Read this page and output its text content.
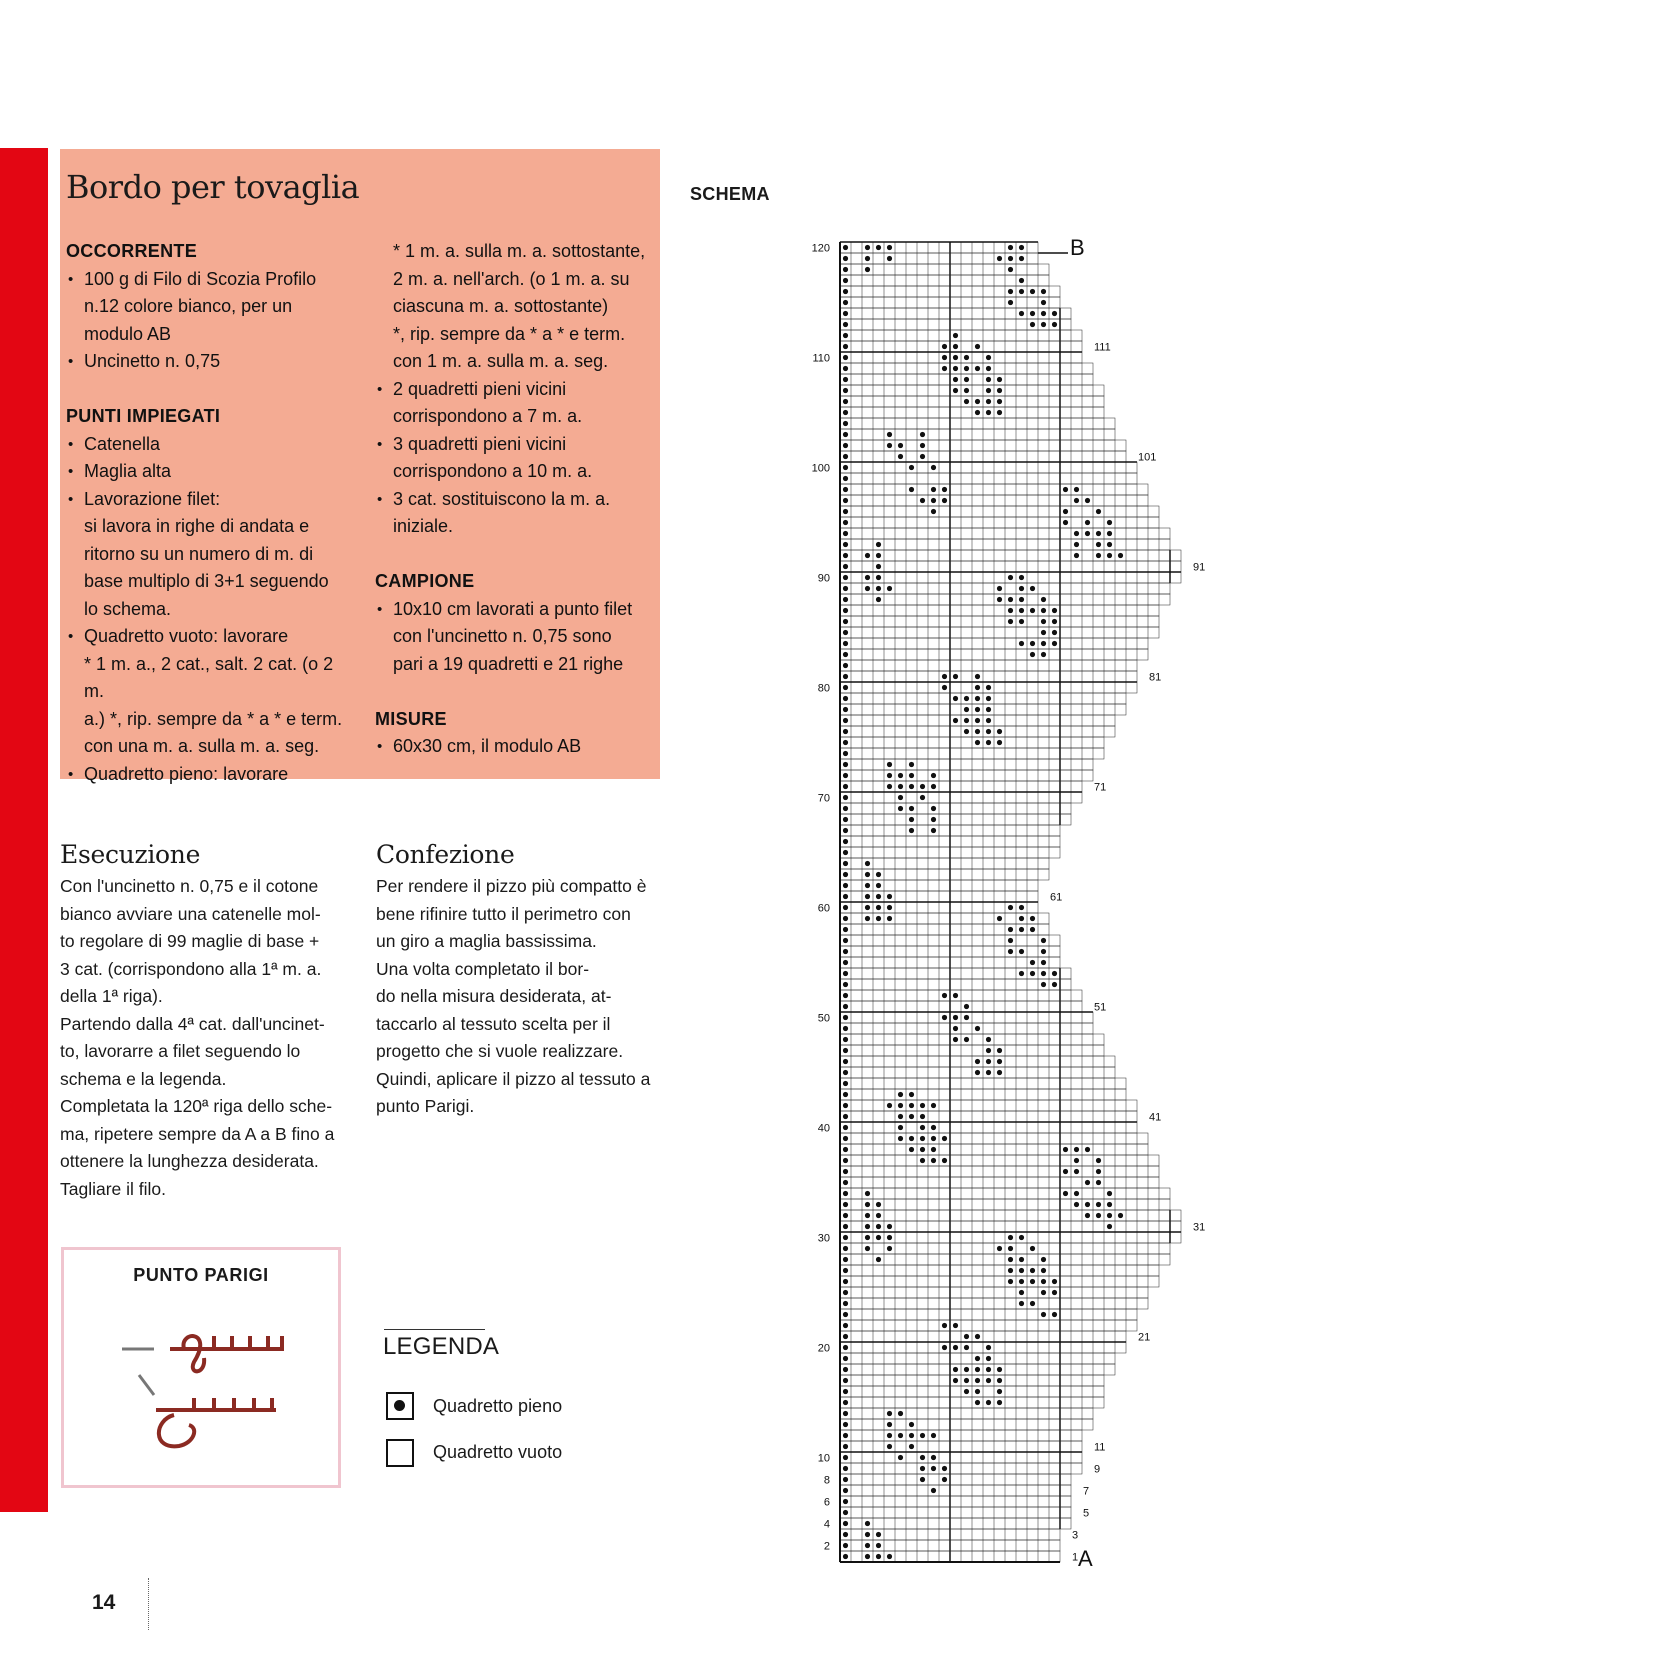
Bordo per tovaglia
OCCORRENTE
• 100 g di Filo di Scozia Profilo
n.12 colore bianco, per un
modulo AB
• Uncinetto n. 0,75
PUNTI IMPIEGATI
• Catenella
• Maglia alta
• Lavorazione filet:
si lavora in righe di andata e
ritorno su un numero di m. di
base multiplo di 3+1 seguendo
lo schema.
• Quadretto vuoto: lavorare
* 1 m. a., 2 cat., salt. 2 cat. (o 2 m.
a.) *, rip. sempre da * a * e term.
con una m. a. sulla m. a. seg.
• Quadretto pieno: lavorare
* 1 m. a. sulla m. a. sottostante,
2 m. a. nell'arch. (o 1 m. a. su
ciascuna m. a. sottostante)
*, rip. sempre da * a * e term.
con 1 m. a. sulla m. a. seg.
• 2 quadretti pieni vicini
corrispondono a 7 m. a.
• 3 quadretti pieni vicini
corrispondono a 10 m. a.
• 3 cat. sostituiscono la m. a.
iniziale.
CAMPIONE
• 10x10 cm lavorati a punto filet
con l'uncinetto n. 0,75 sono
pari a 19 quadretti e 21 righe
MISURE
• 60x30 cm, il modulo AB
SCHEMA
2
4
6
8
10
20
30
40
50
60
70
80
90
100
110
120
1
3
5
7
9
11
21
31
41
51
61
71
81
91
101
111
B
A
Esecuzione

Con l'uncinetto n. 0,75 e il cotone

bianco avviare una catenelle mol-

to regolare di 99 maglie di base +

3 cat. (corrispondono alla 1ª m. a.

della 1ª riga).

Partendo dalla 4ª cat. dall'uncinet-

to, lavorarre a filet seguendo lo

schema e la legenda.

Completata la 120ª riga dello sche-

ma, ripetere sempre da A a B fino a

ottenere la lunghezza desiderata.

Tagliare il filo.

Confezione

Per rendere il pizzo più compatto è

bene rifinire tutto il perimetro con

un giro a maglia bassissima.

Una volta completato il bor-

do nella misura desiderata, at-

taccarlo al tessuto scelta per il

progetto che si vuole realizzare.

Quindi, aplicare il pizzo al tessuto a

punto Parigi.

PUNTO PARIGI
LEGENDA
Quadretto pieno
Quadretto vuoto
14
